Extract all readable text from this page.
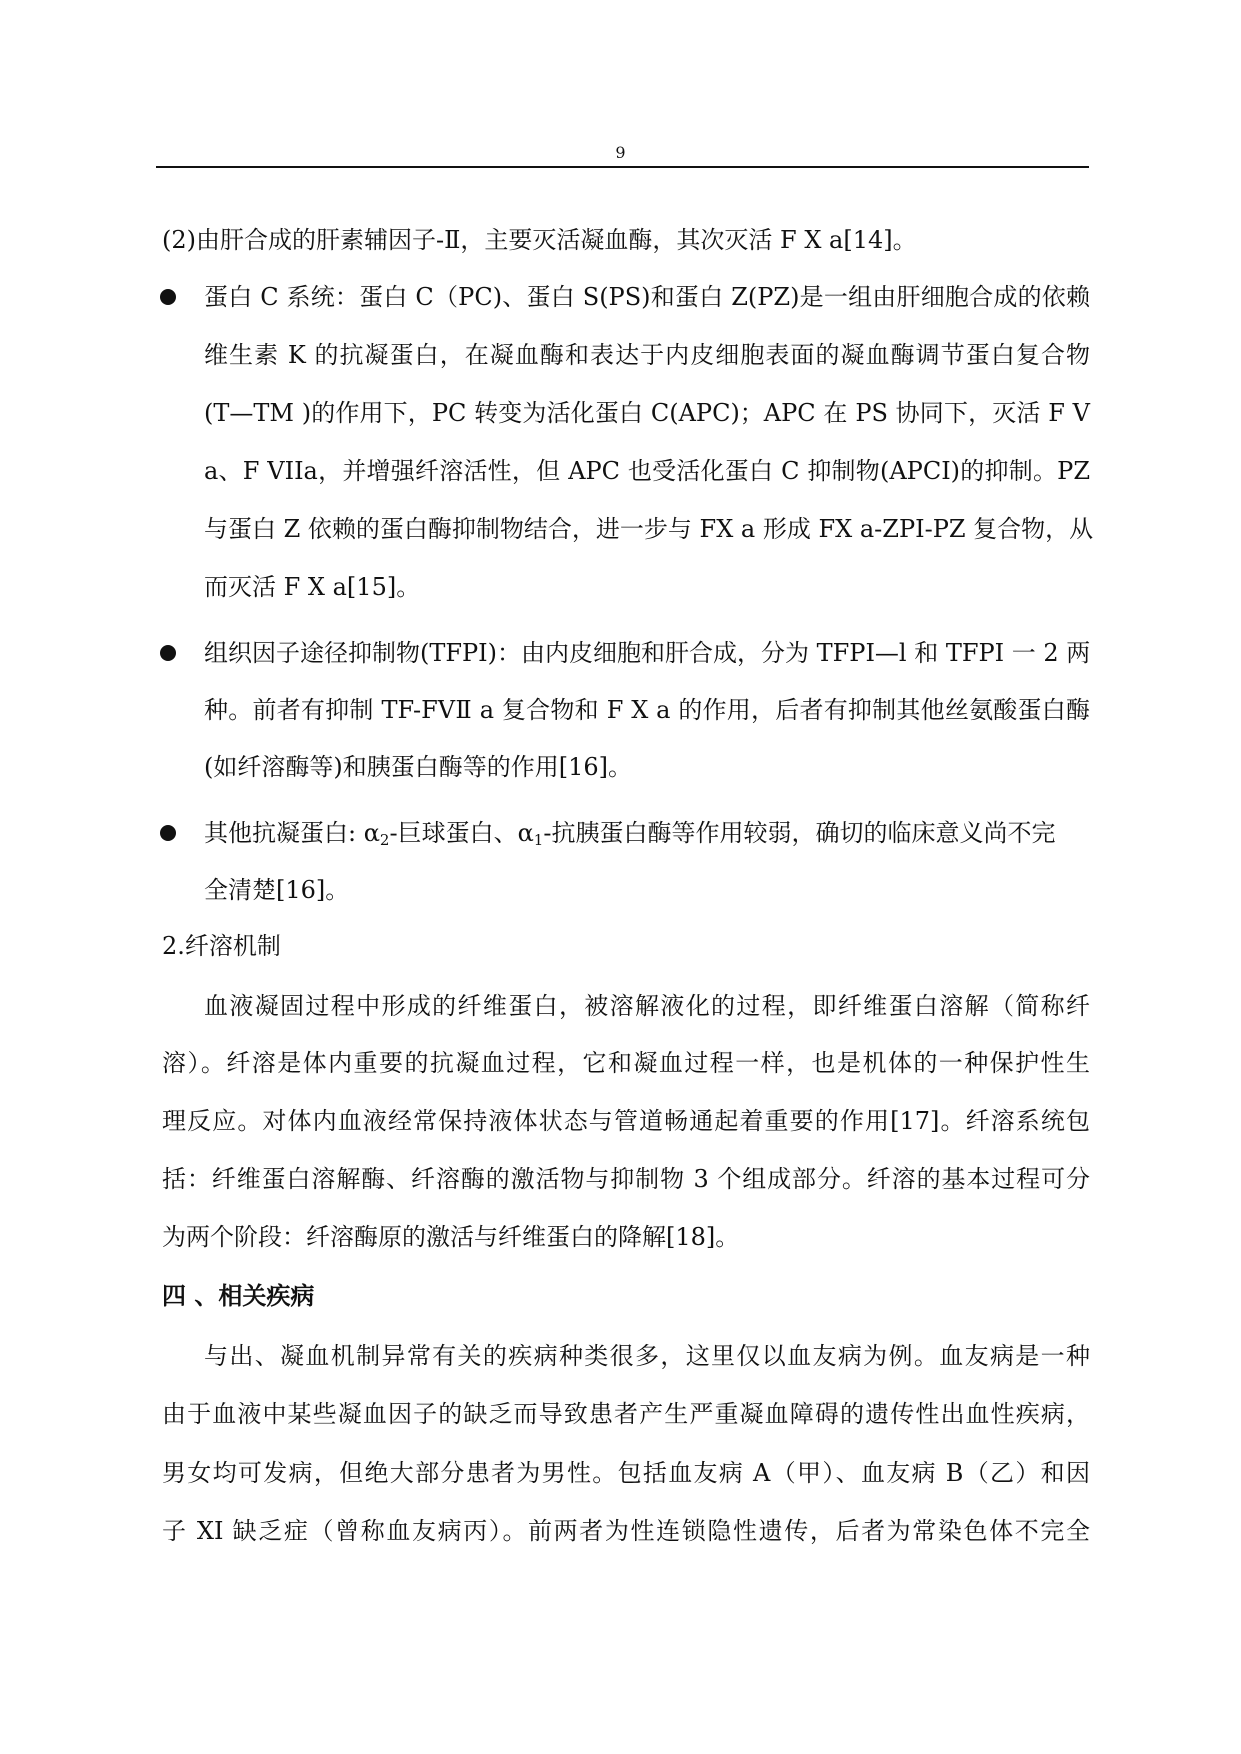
9
(2)由肝合成的肝素辅因子-Ⅱ，主要灭活凝血酶，其次灭活 F X a[14]。
蛋白 C 系统：蛋白 C（PC)、蛋白 S(PS)和蛋白 Z(PZ)是一组由肝细胞合成的依赖
维生素 K 的抗凝蛋白，在凝血酶和表达于内皮细胞表面的凝血酶调节蛋白复合物
(T—TM )的作用下，PC 转变为活化蛋白 C(APC)；APC 在 PS 协同下，灭活 F V
a、F VIIa，并增强纤溶活性，但 APC 也受活化蛋白 C 抑制物(APCI)的抑制。PZ
与蛋白 Z 依赖的蛋白酶抑制物结合，进一步与 FX a 形成 FX a-ZPI-PZ 复合物，从
而灭活 F X a[15]。
组织因子途径抑制物(TFPI)：由内皮细胞和肝合成，分为 TFPI—l 和 TFPI 一 2 两
种。前者有抑制 TF-FVⅡ a 复合物和 F X a 的作用，后者有抑制其他丝氨酸蛋白酶
(如纤溶酶等)和胰蛋白酶等的作用[16]。
其他抗凝蛋白: $\alpha_2-$巨球蛋白、$\alpha_1-$抗胰蛋白酶等作用较弱，确切的临床意义尚不完
全清楚[16]。
2.纤溶机制
血液凝固过程中形成的纤维蛋白，被溶解液化的过程，即纤维蛋白溶解（简称纤
溶）。纤溶是体内重要的抗凝血过程，它和凝血过程一样，也是机体的一种保护性生
理反应。对体内血液经常保持液体状态与管道畅通起着重要的作用[17]。纤溶系统包
括：纤维蛋白溶解酶、纤溶酶的激活物与抑制物 3 个组成部分。纤溶的基本过程可分
为两个阶段：纤溶酶原的激活与纤维蛋白的降解[18]。
四 、相关疾病
与出、凝血机制异常有关的疾病种类很多，这里仅以血友病为例。血友病是一种
由于血液中某些凝血因子的缺乏而导致患者产生严重凝血障碍的遗传性出血性疾病，
男女均可发病，但绝大部分患者为男性。包括血友病 A（甲）、血友病 B（乙）和因
子 XI 缺乏症（曾称血友病丙）。前两者为性连锁隐性遗传，后者为常染色体不完全
